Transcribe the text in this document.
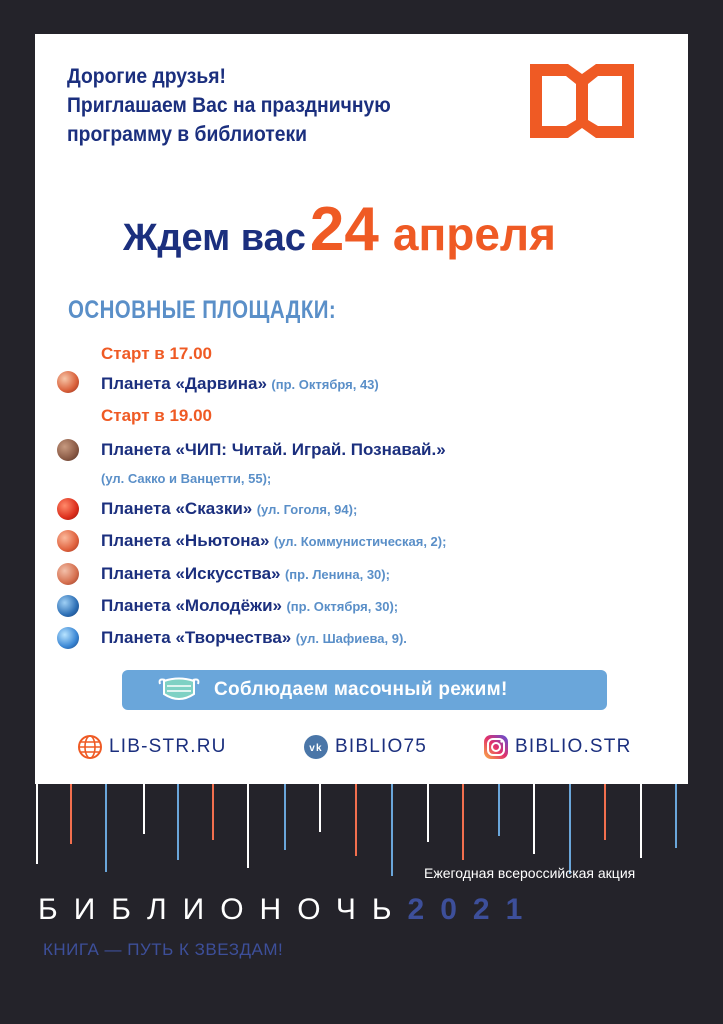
Дорогие друзья!
Приглашаем Вас на праздничную
программу в библиотеки
Ждем вас24 апреля
ОСНОВНЫЕ ПЛОЩАДКИ:
Старт в 17.00
Планета «Дарвина» (пр. Октября, 43)
Старт в 19.00
Планета «ЧИП: Читай. Играй. Познавай.»
(ул. Сакко и Ванцетти, 55);
Планета «Сказки» (ул. Гоголя, 94);
Планета «Ньютона» (ул. Коммунистическая, 2);
Планета «Искусства» (пр. Ленина, 30);
Планета «Молодёжи» (пр. Октября, 30);
Планета «Творчества» (ул. Шафиева, 9).
Соблюдаем масочный режим!
LIB-STR.RU	vk BIBLIO75	BIBLIO.STR
Ежегодная всероссийская акция
БИБЛИОНОЧЬ2021
КНИГА — ПУТЬ К ЗВЕЗДАМ!
